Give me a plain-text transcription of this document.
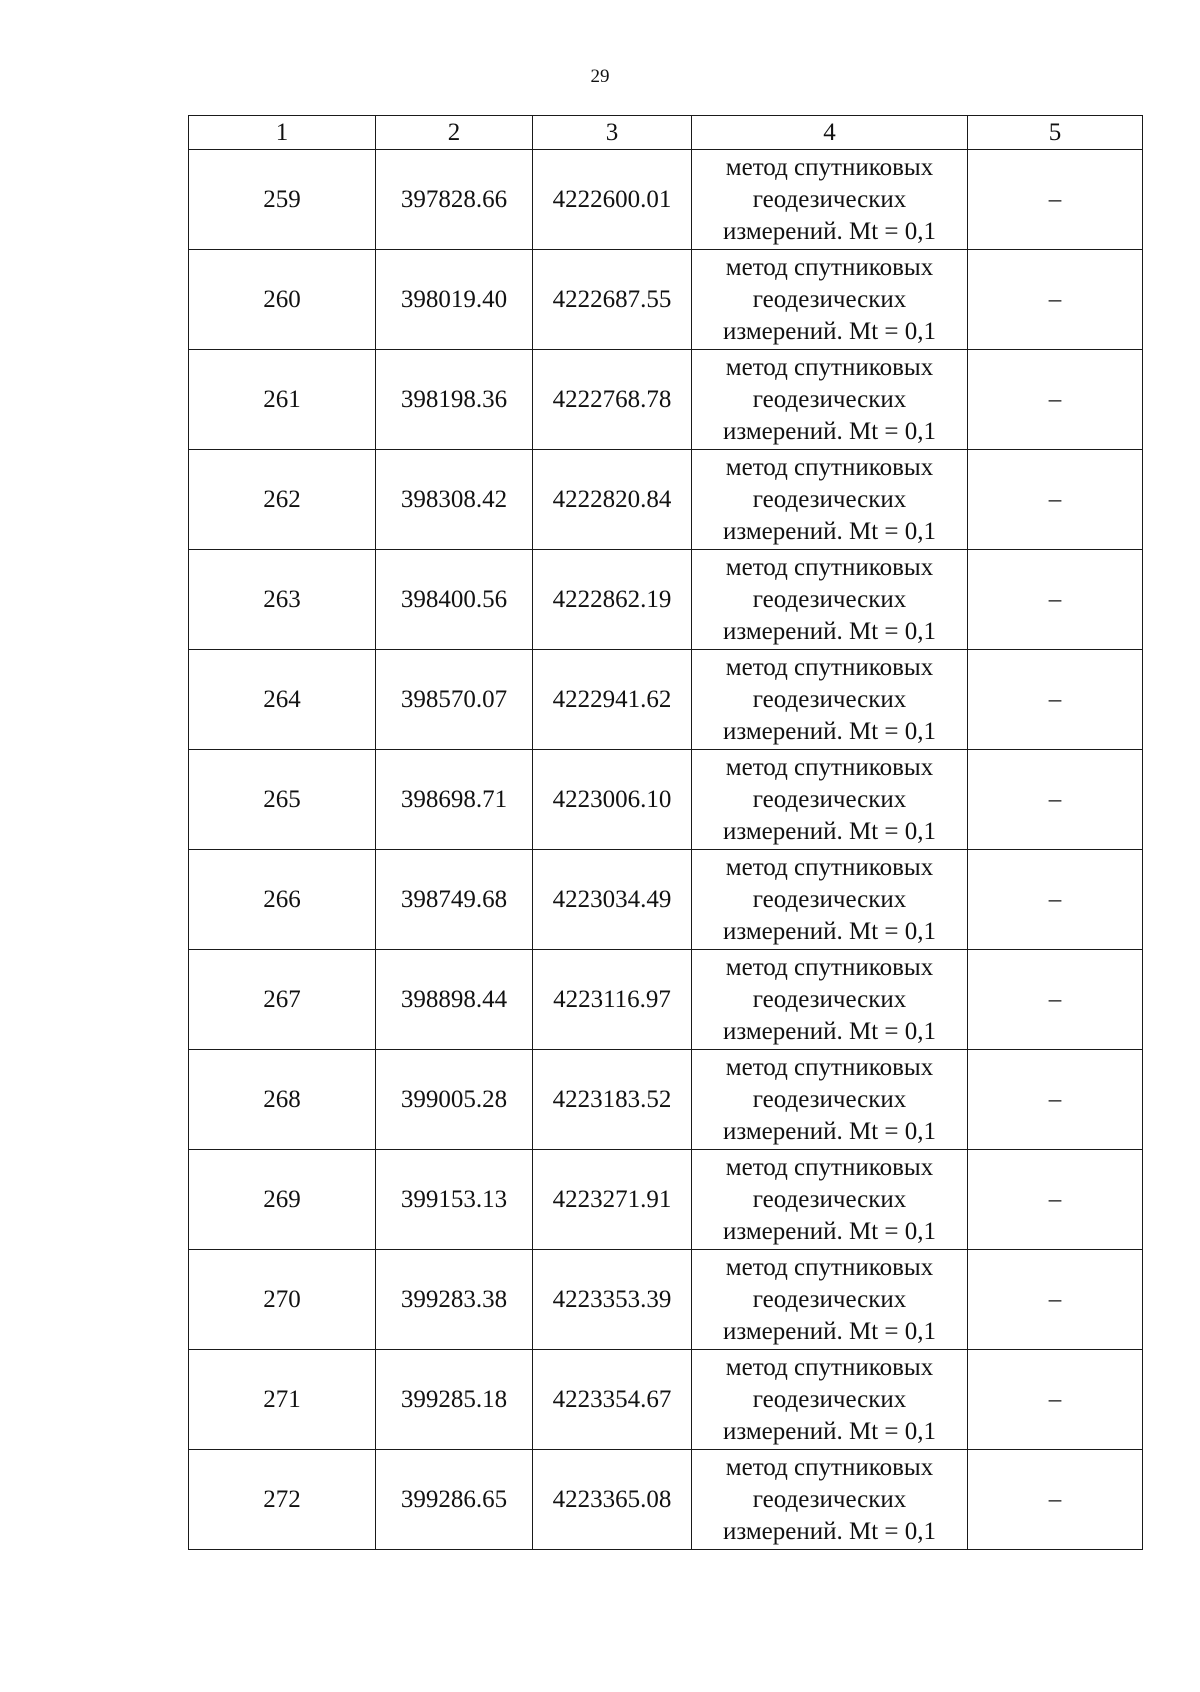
29
1	2	3	4	5
259	397828.66	4222600.01	метод спутниковых
геодезических
измерений. Mt = 0,1	–
260	398019.40	4222687.55	метод спутниковых
геодезических
измерений. Mt = 0,1	–
261	398198.36	4222768.78	метод спутниковых
геодезических
измерений. Mt = 0,1	–
262	398308.42	4222820.84	метод спутниковых
геодезических
измерений. Mt = 0,1	–
263	398400.56	4222862.19	метод спутниковых
геодезических
измерений. Mt = 0,1	–
264	398570.07	4222941.62	метод спутниковых
геодезических
измерений. Mt = 0,1	–
265	398698.71	4223006.10	метод спутниковых
геодезических
измерений. Mt = 0,1	–
266	398749.68	4223034.49	метод спутниковых
геодезических
измерений. Mt = 0,1	–
267	398898.44	4223116.97	метод спутниковых
геодезических
измерений. Mt = 0,1	–
268	399005.28	4223183.52	метод спутниковых
геодезических
измерений. Mt = 0,1	–
269	399153.13	4223271.91	метод спутниковых
геодезических
измерений. Mt = 0,1	–
270	399283.38	4223353.39	метод спутниковых
геодезических
измерений. Mt = 0,1	–
271	399285.18	4223354.67	метод спутниковых
геодезических
измерений. Mt = 0,1	–
272	399286.65	4223365.08	метод спутниковых
геодезических
измерений. Mt = 0,1	–
